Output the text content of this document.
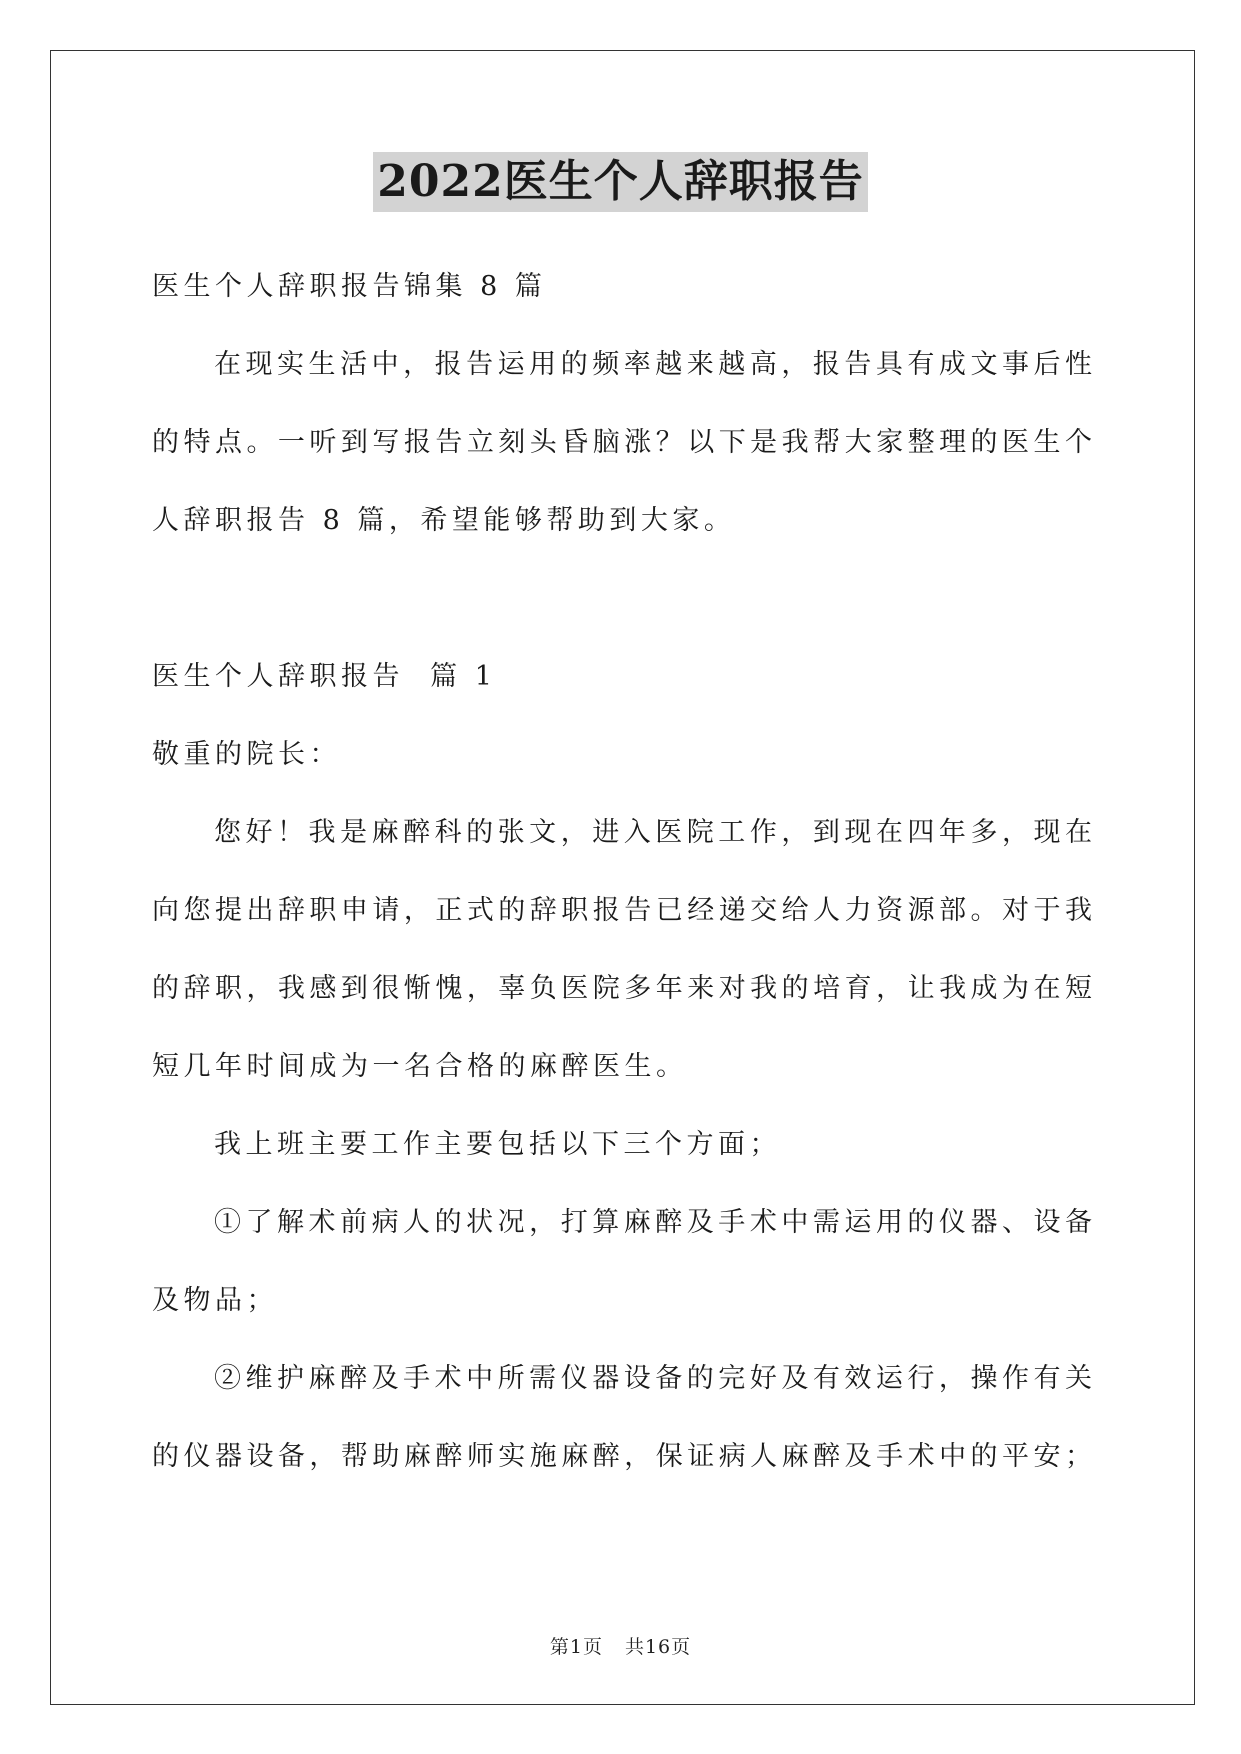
2022医生个人辞职报告
医生个人辞职报告锦集 8 篇
在现实生活中，报告运用的频率越来越高，报告具有成文事后性
的特点。一听到写报告立刻头昏脑涨？以下是我帮大家整理的医生个
人辞职报告 8 篇，希望能够帮助到大家。
医生个人辞职报告  篇 1
敬重的院长：
您好！我是麻醉科的张文，进入医院工作，到现在四年多，现在
向您提出辞职申请，正式的辞职报告已经递交给人力资源部。对于我
的辞职，我感到很惭愧，辜负医院多年来对我的培育，让我成为在短
短几年时间成为一名合格的麻醉医生。
我上班主要工作主要包括以下三个方面；
①了解术前病人的状况，打算麻醉及手术中需运用的仪器、设备
及物品；
②维护麻醉及手术中所需仪器设备的完好及有效运行，操作有关
的仪器设备，帮助麻醉师实施麻醉，保证病人麻醉及手术中的平安；
第1页 共16页
